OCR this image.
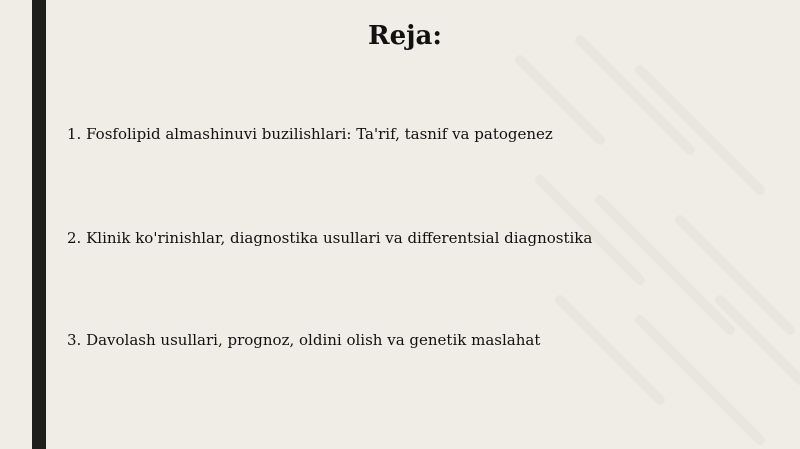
Reja:
1. Fosfolipid almashinuvi buzilishlari: Ta'rif, tasnif va patogenez
2. Klinik ko'rinishlar, diagnostika usullari va differentsial diagnostika
3. Davolash usullari, prognoz, oldini olish va genetik maslahat
